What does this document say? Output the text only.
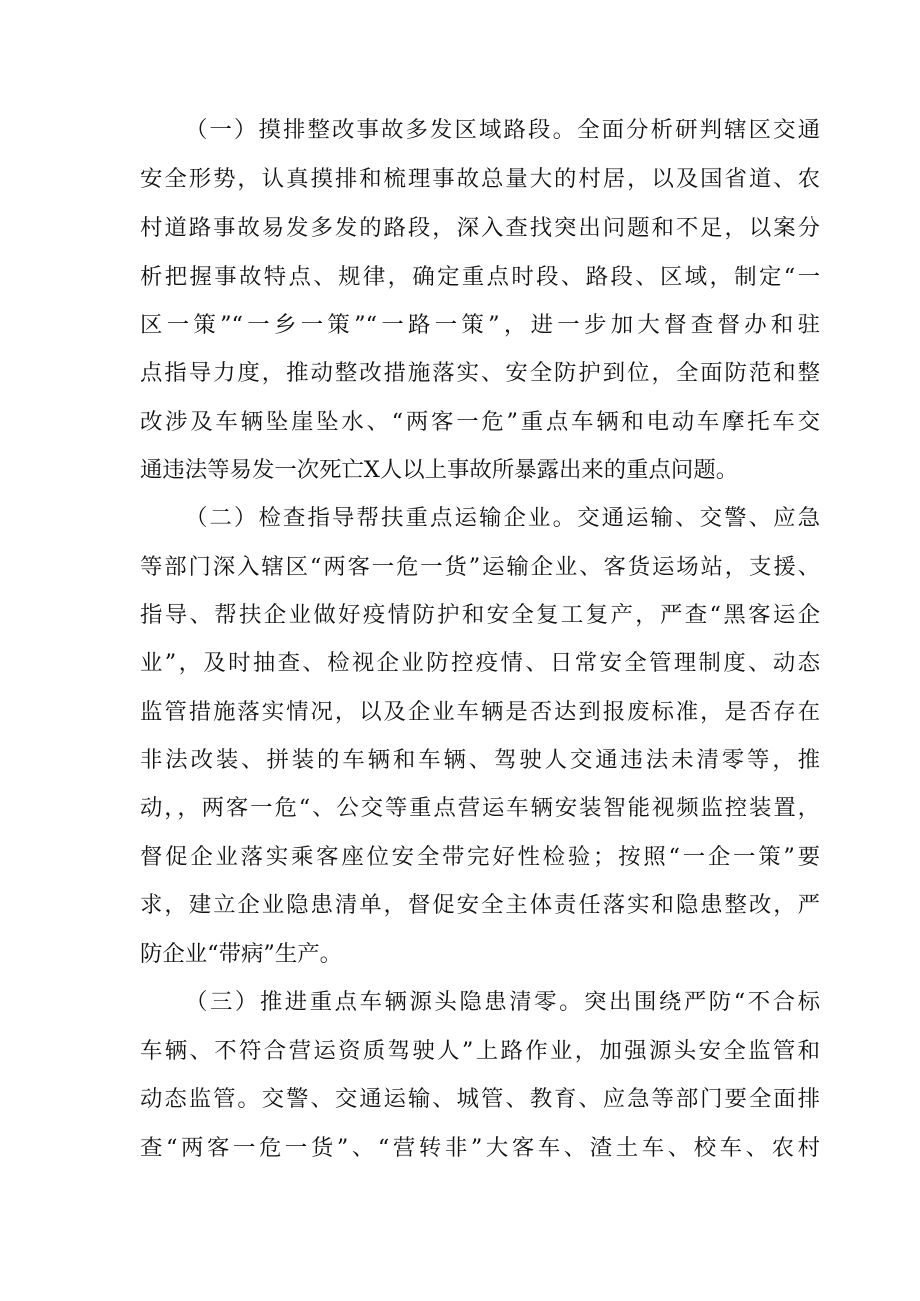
（一）摸排整改事故多发区域路段。全面分析研判辖区交通
安全形势，认真摸排和梳理事故总量大的村居，以及国省道、农
村道路事故易发多发的路段，深入查找突出问题和不足，以案分
析把握事故特点、规律，确定重点时段、路段、区域，制定“一
区一策”“一乡一策”“一路一策”，进一步加大督查督办和驻
点指导力度，推动整改措施落实、安全防护到位，全面防范和整
改涉及车辆坠崖坠水、“两客一危”重点车辆和电动车摩托车交
通违法等易发一次死亡X人以上事故所暴露出来的重点问题。
（二）检查指导帮扶重点运输企业。交通运输、交警、应急
等部门深入辖区“两客一危一货”运输企业、客货运场站，支援、
指导、帮扶企业做好疫情防护和安全复工复产，严查“黑客运企
业”，及时抽查、检视企业防控疫情、日常安全管理制度、动态
监管措施落实情况，以及企业车辆是否达到报废标准，是否存在
非法改装、拼装的车辆和车辆、驾驶人交通违法未清零等，推
动，，两客一危“、公交等重点营运车辆安装智能视频监控装置，
督促企业落实乘客座位安全带完好性检验；按照“一企一策”要
求，建立企业隐患清单，督促安全主体责任落实和隐患整改，严
防企业“带病”生产。
（三）推进重点车辆源头隐患清零。突出围绕严防“不合标
车辆、不符合营运资质驾驶人”上路作业，加强源头安全监管和
动态监管。交警、交通运输、城管、教育、应急等部门要全面排
查“两客一危一货”、“营转非”大客车、渣土车、校车、农村
